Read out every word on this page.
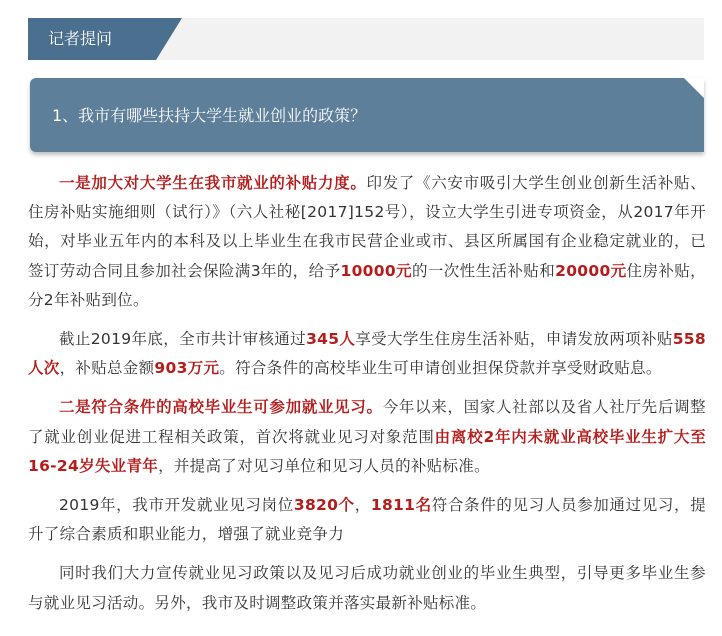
记者提问
1、我市有哪些扶持大学生就业创业的政策？

一是加大对大学生在我市就业的补贴力度。印发了《六安市吸引大学生创业创新生活补贴、住房补贴实施细则（试行）》（六人社秘[2017]152号），设立大学生引进专项资金，从2017年开始，对毕业五年内的本科及以上毕业生在我市民营企业或市、县区所属国有企业稳定就业的，已签订劳动合同且参加社会保险满3年的，给予10000元的一次性生活补贴和20000元住房补贴，分2年补贴到位。

截止2019年底，全市共计审核通过345人享受大学生住房生活补贴，申请发放两项补贴558人次，补贴总金额903万元。符合条件的高校毕业生可申请创业担保贷款并享受财政贴息。

二是符合条件的高校毕业生可参加就业见习。今年以来，国家人社部以及省人社厅先后调整了就业创业促进工程相关政策，首次将就业见习对象范围由离校2年内未就业高校毕业生扩大至16-24岁失业青年，并提高了对见习单位和见习人员的补贴标准。

2019年，我市开发就业见习岗位3820个，1811名符合条件的见习人员参加通过见习，提升了综合素质和职业能力，增强了就业竞争力

同时我们大力宣传就业见习政策以及见习后成功就业创业的毕业生典型，引导更多毕业生参与就业见习活动。另外，我市及时调整政策并落实最新补贴标准。
